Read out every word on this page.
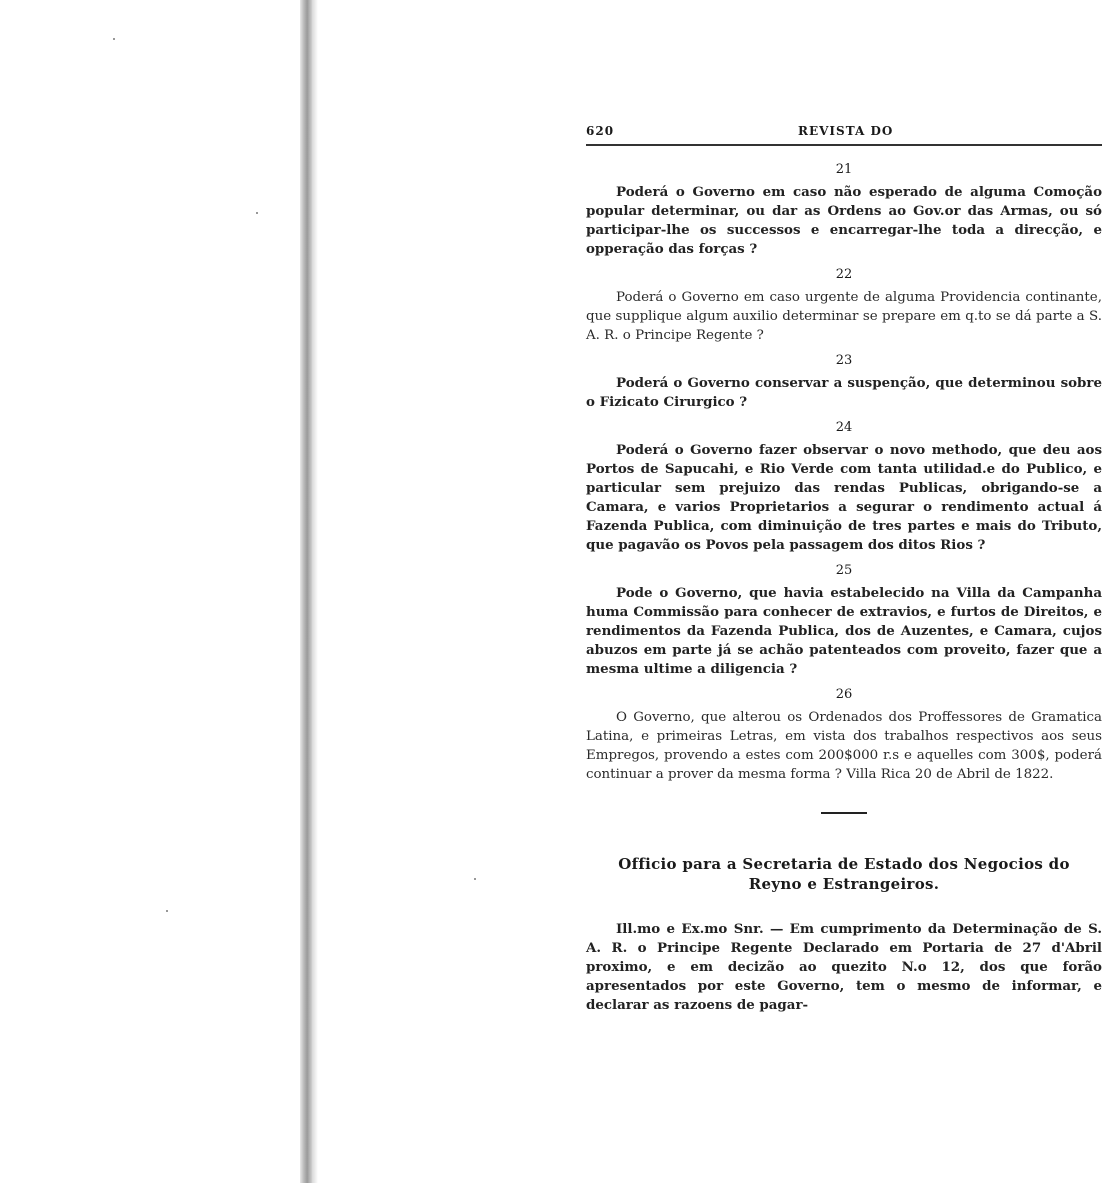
620	REVISTA DO
21

Poderá o Governo em caso não esperado de alguma Comoção popular determinar, ou dar as Ordens ao Gov.or das Armas, ou só participar-lhe os successos e encarregar-lhe toda a direcção, e opperação das forças ?

22

Poderá o Governo em caso urgente de alguma Providencia continante, que supplique algum auxilio determinar se prepare em q.to se dá parte a S. A. R. o Principe Regente ?

23

Poderá o Governo conservar a suspenção, que determinou sobre o Fizicato Cirurgico ?

24

Poderá o Governo fazer observar o novo methodo, que deu aos Portos de Sapucahi, e Rio Verde com tanta utilidad.e do Publico, e particular sem prejuizo das rendas Publicas, obrigando-se a Camara, e varios Proprietarios a segurar o rendimento actual á Fazenda Publica, com diminuição de tres partes e mais do Tributo, que pagavão os Povos pela passagem dos ditos Rios ?

25

Pode o Governo, que havia estabelecido na Villa da Campanha huma Commissão para conhecer de extravios, e furtos de Direitos, e rendimentos da Fazenda Publica, dos de Auzentes, e Camara, cujos abuzos em parte já se achão patenteados com proveito, fazer que a mesma ultime a diligencia ?

26

O Governo, que alterou os Ordenados dos Proffessores de Gramatica Latina, e primeiras Letras, em vista dos trabalhos respectivos aos seus Empregos, provendo a estes com 200$000 r.s e aquelles com 300$, poderá continuar a prover da mesma forma ? Villa Rica 20 de Abril de 1822.

Officio para a Secretaria de Estado dos Negocios do
Reyno e Estrangeiros.

Ill.mo e Ex.mo Snr. — Em cumprimento da Determinação de S. A. R. o Principe Regente Declarado em Portaria de 27 d'Abril proximo, e em decizão ao quezito N.o 12, dos que forão apresentados por este Governo, tem o mesmo de informar, e declarar as razoens de pagar-
